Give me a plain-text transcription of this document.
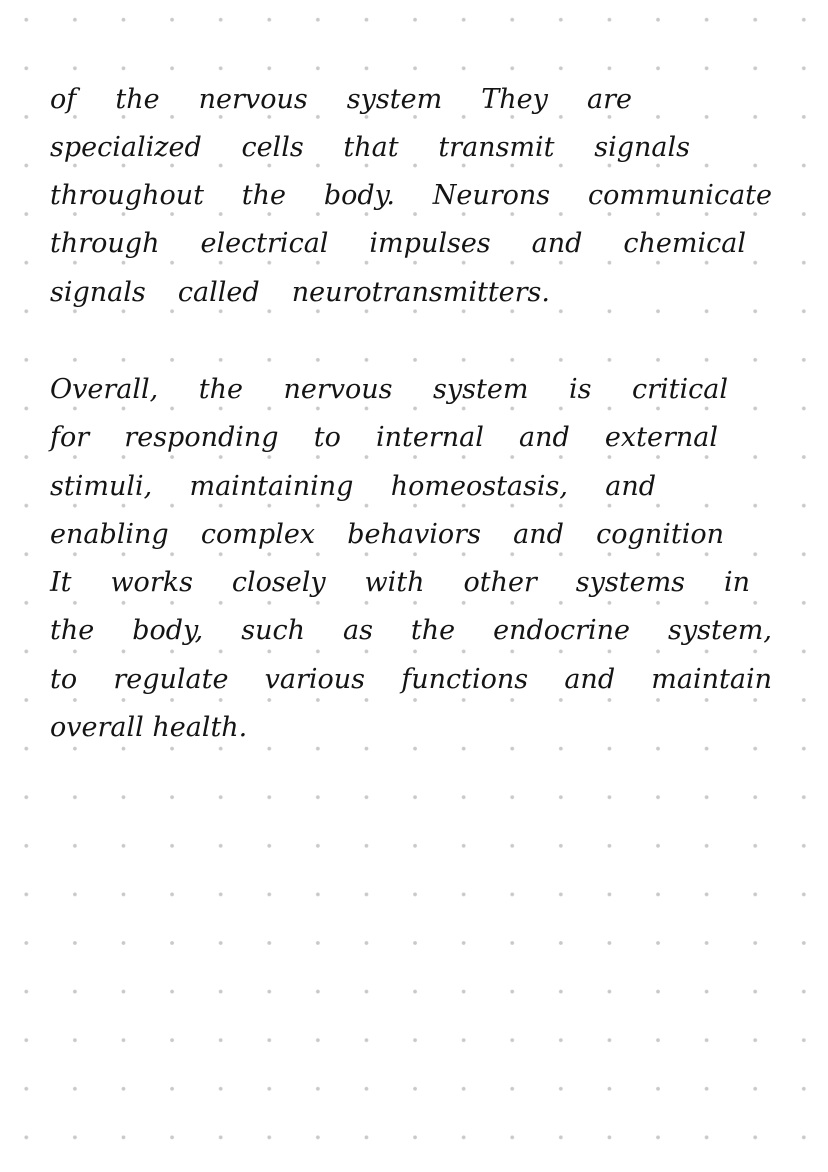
of the nervous system They are
specialized cells that transmit signals
throughout the body. Neurons communicate
through electrical impulses and chemical
signals called neurotransmitters.
Overall, the nervous system is critical
for responding to internal and external
stimuli, maintaining homeostasis, and
enabling complex behaviors and cognition
It works closely with other systems in
the body, such as the endocrine system,
to regulate various functions and maintain
overall health.
